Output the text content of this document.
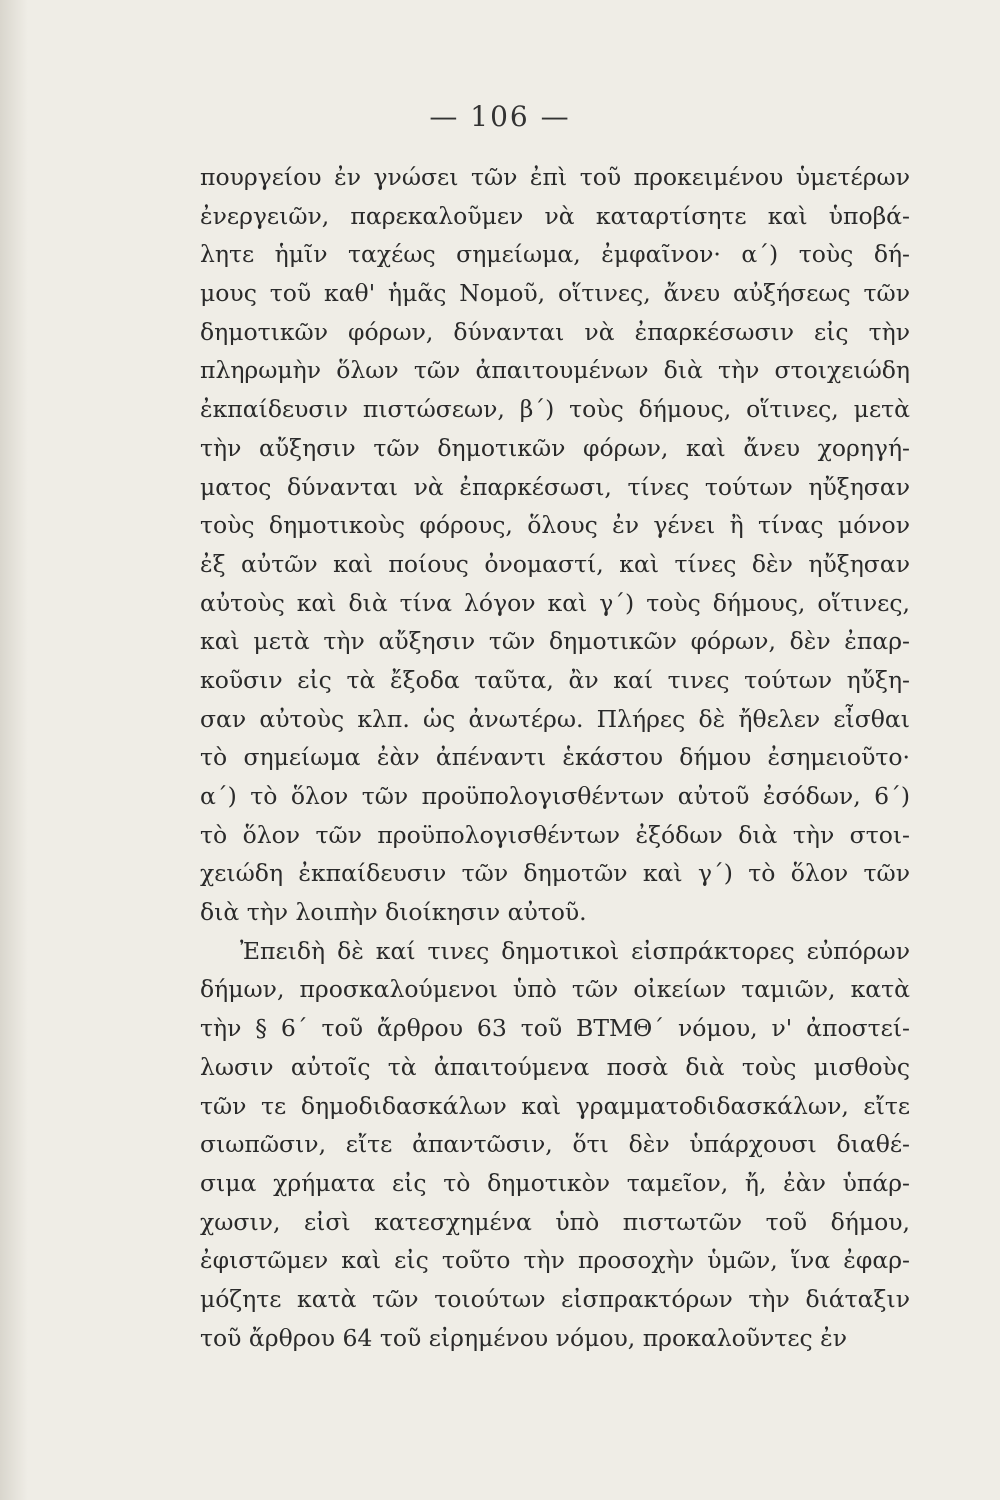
— 106 —
πουργείου ἐν γνώσει τῶν ἐπὶ τοῦ προκειμένου ὑμετέρων
ἐνεργειῶν, παρεκαλοῦμεν νὰ καταρτίσητε καὶ ὑποβά-
λητε ἡμῖν ταχέως σημείωμα, ἐμφαῖνον· α΄) τοὺς δή-
μους τοῦ καθ' ἡμᾶς Νομοῦ, οἵτινες, ἄνευ αὐξήσεως τῶν
δημοτικῶν φόρων, δύνανται νὰ ἐπαρκέσωσιν εἰς τὴν
πληρωμὴν ὅλων τῶν ἀπαιτουμένων διὰ τὴν στοιχειώδη
ἐκπαίδευσιν πιστώσεων, β΄) τοὺς δήμους, οἵτινες, μετὰ
τὴν αὔξησιν τῶν δημοτικῶν φόρων, καὶ ἄνευ χορηγή-
ματος δύνανται νὰ ἐπαρκέσωσι, τίνες τούτων ηὔξησαν
τοὺς δημοτικοὺς φόρους, ὅλους ἐν γένει ἢ τίνας μόνον
ἐξ αὐτῶν καὶ ποίους ὀνομαστί, καὶ τίνες δὲν ηὔξησαν
αὐτοὺς καὶ διὰ τίνα λόγον καὶ γ΄) τοὺς δήμους, οἵτινες,
καὶ μετὰ τὴν αὔξησιν τῶν δημοτικῶν φόρων, δὲν ἐπαρ-
κοῦσιν εἰς τὰ ἔξοδα ταῦτα, ἂν καί τινες τούτων ηὔξη-
σαν αὐτοὺς κλπ. ὡς ἀνωτέρω. Πλήρες δὲ ἤθελεν εἶσθαι
τὸ σημείωμα ἐὰν ἀπέναντι ἑκάστου δήμου ἐσημειοῦτο·
α΄) τὸ ὅλον τῶν προϋπολογισθέντων αὐτοῦ ἐσόδων, 6΄)
τὸ ὅλον τῶν προϋπολογισθέντων ἐξόδων διὰ τὴν στοι-
χειώδη ἐκπαίδευσιν τῶν δημοτῶν καὶ γ΄) τὸ ὅλον τῶν
διὰ τὴν λοιπὴν διοίκησιν αὐτοῦ.
Ἐπειδὴ δὲ καί τινες δημοτικοὶ εἰσπράκτορες εὐπόρων
δήμων, προσκαλούμενοι ὑπὸ τῶν οἰκείων ταμιῶν, κατὰ
τὴν § 6΄ τοῦ ἄρθρου 63 τοῦ ΒΤΜΘ΄ νόμου, ν' ἀποστεί-
λωσιν αὐτοῖς τὰ ἀπαιτούμενα ποσὰ διὰ τοὺς μισθοὺς
τῶν τε δημοδιδασκάλων καὶ γραμματοδιδασκάλων, εἴτε
σιωπῶσιν, εἴτε ἀπαντῶσιν, ὅτι δὲν ὑπάρχουσι διαθέ-
σιμα χρήματα εἰς τὸ δημοτικὸν ταμεῖον, ἤ, ἐὰν ὑπάρ-
χωσιν, εἰσὶ κατεσχημένα ὑπὸ πιστωτῶν τοῦ δήμου,
ἐφιστῶμεν καὶ εἰς τοῦτο τὴν προσοχὴν ὑμῶν, ἵνα ἐφαρ-
μόζητε κατὰ τῶν τοιούτων εἰσπρακτόρων τὴν διάταξιν
τοῦ ἄρθρου 64 τοῦ εἰρημένου νόμου, προκαλοῦντες ἐν
